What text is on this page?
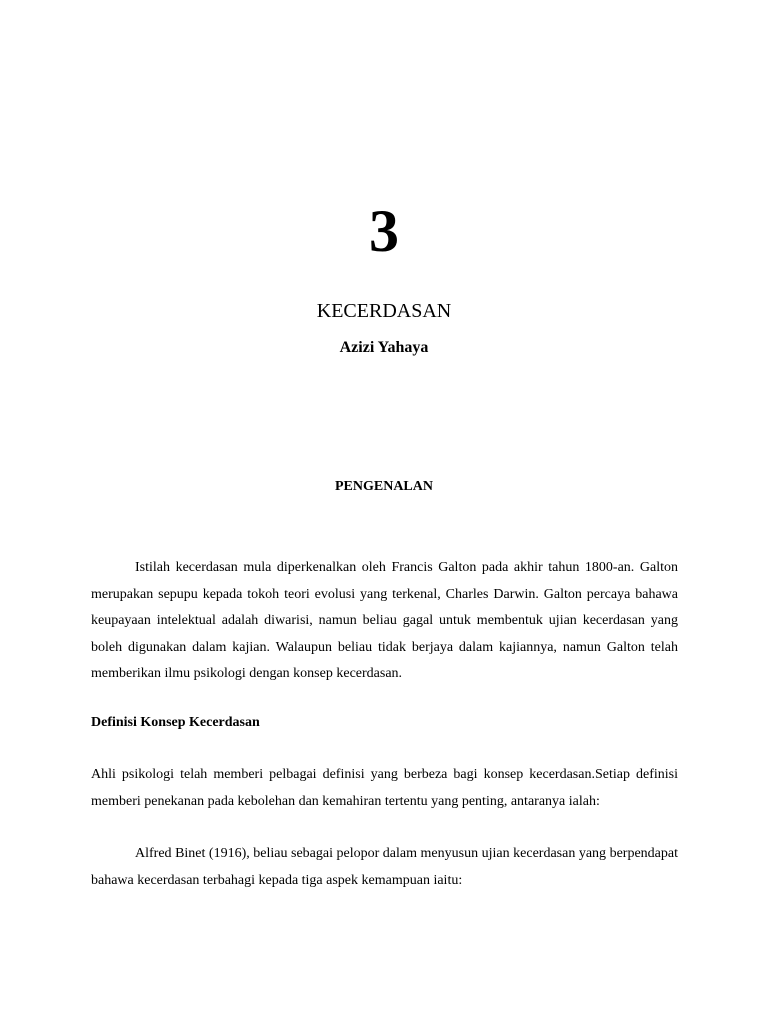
3
KECERDASAN
Azizi Yahaya
PENGENALAN

Istilah kecerdasan mula diperkenalkan oleh Francis Galton pada akhir tahun 1800-an. Galton merupakan sepupu kepada tokoh teori evolusi yang terkenal, Charles Darwin. Galton percaya bahawa keupayaan intelektual adalah diwarisi, namun beliau gagal untuk membentuk ujian kecerdasan yang boleh digunakan dalam kajian. Walaupun beliau tidak berjaya dalam kajiannya, namun Galton telah memberikan ilmu psikologi dengan konsep kecerdasan.

Definisi Konsep Kecerdasan

Ahli psikologi telah memberi pelbagai definisi yang berbeza bagi konsep kecerdasan.Setiap definisi memberi penekanan pada kebolehan dan kemahiran tertentu yang penting, antaranya ialah:

Alfred Binet (1916), beliau sebagai pelopor dalam menyusun ujian kecerdasan yang berpendapat bahawa kecerdasan terbahagi kepada tiga aspek kemampuan iaitu:
